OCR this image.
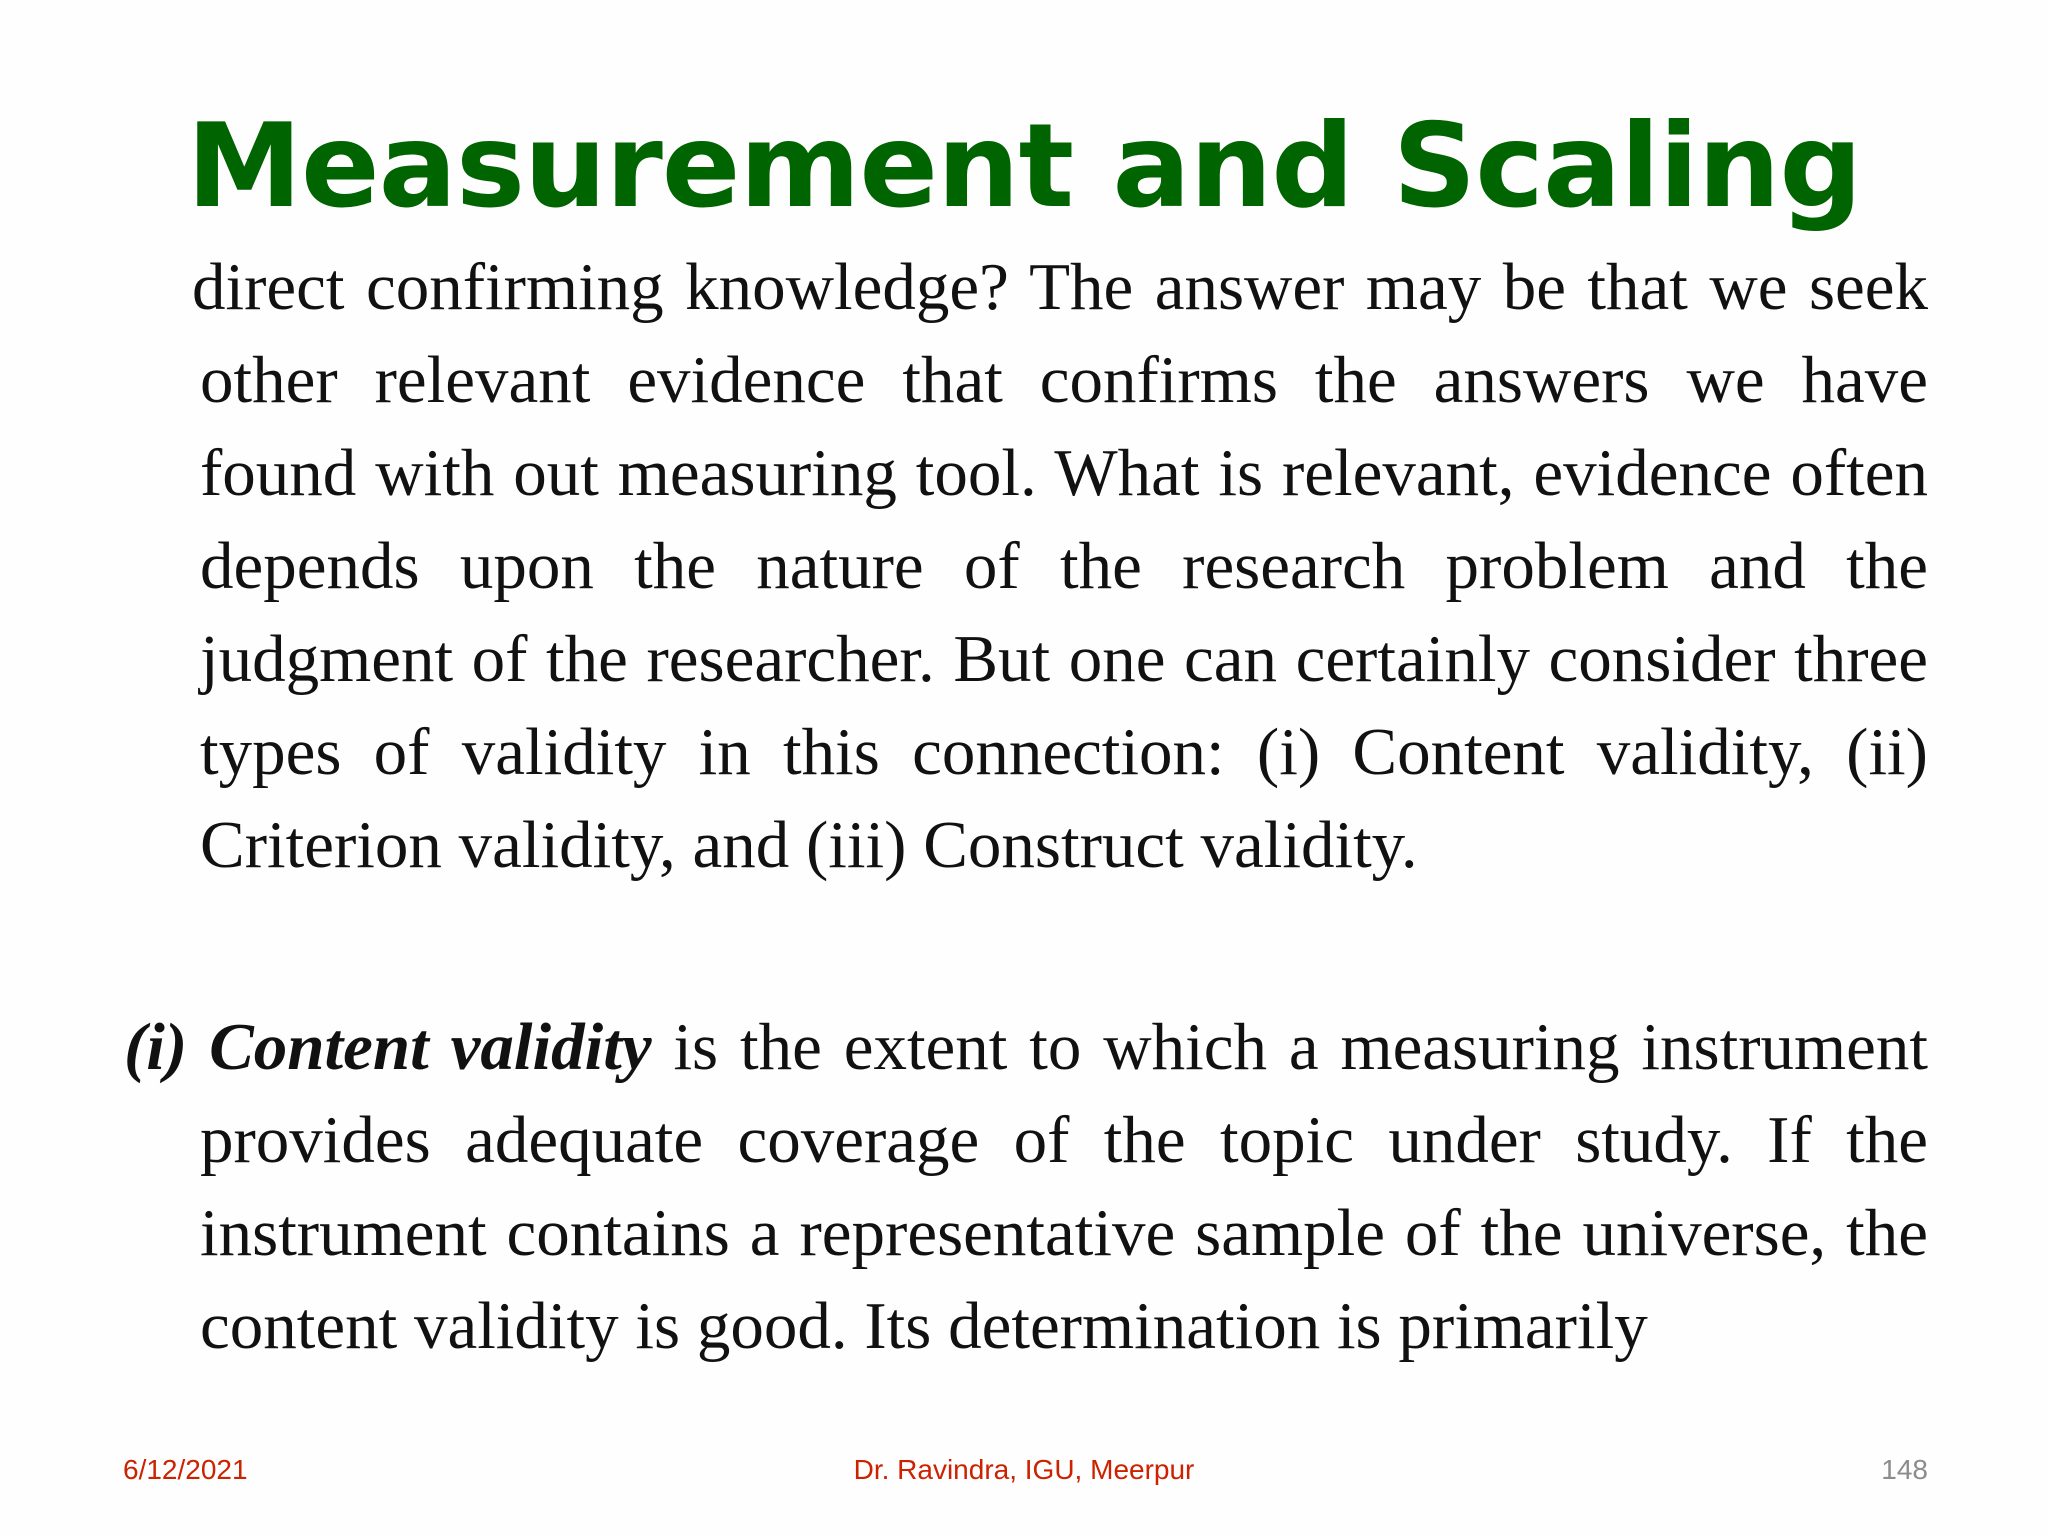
Measurement and Scaling

direct confirming knowledge? The answer may be that we seek other relevant evidence that confirms the answers we have found with out measuring tool. What is relevant, evidence often depends upon the nature of the research problem and the judgment of the researcher. But one can certainly consider three types of validity in this connection: (i) Content validity, (ii) Criterion validity, and (iii) Construct validity.

(i) Content validity is the extent to which a measuring instrument provides adequate coverage of the topic under study. If the instrument contains a representative sample of the universe, the content validity is good. Its determination is primarily

6/12/2021	Dr. Ravindra, IGU, Meerpur	148
